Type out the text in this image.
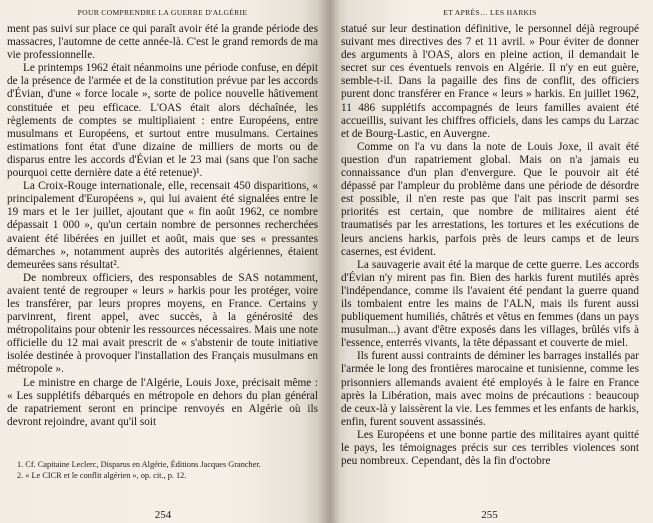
POUR COMPRENDRE LA GUERRE D'ALGÉRIE

ment pas suivi sur place ce qui paraît avoir été la grande période des massacres, l'automne de cette année-là. C'est le grand remords de ma vie professionnelle.

Le printemps 1962 était néanmoins une période confuse, en dépit de la présence de l'armée et de la constitution prévue par les accords d'Évian, d'une « force locale », sorte de police nouvelle hâtivement constituée et peu efficace. L'OAS était alors déchaînée, les règlements de comptes se multipliaient : entre Européens, entre musulmans et Européens, et surtout entre musulmans. Certaines estimations font état d'une dizaine de milliers de morts ou de disparus entre les accords d'Évian et le 23 mai (sans que l'on sache pourquoi cette dernière date a été retenue)¹.

La Croix-Rouge internationale, elle, recensait 450 disparitions, « principalement d'Européens », qui lui avaient été signalées entre le 19 mars et le 1er juillet, ajoutant que « fin août 1962, ce nombre dépassait 1 000 », qu'un certain nombre de personnes recherchées avaient été libérées en juillet et août, mais que ses « pressantes démarches », notamment auprès des autorités algériennes, étaient demeurées sans résultat².

De nombreux officiers, des responsables de SAS notamment, avaient tenté de regrouper « leurs » harkis pour les protéger, voire les transférer, par leurs propres moyens, en France. Certains y parvinrent, firent appel, avec succès, à la générosité des métropolitains pour obtenir les ressources nécessaires. Mais une note officielle du 12 mai avait prescrit de « s'abstenir de toute initiative isolée destinée à provoquer l'installation des Français musulmans en métropole ».

Le ministre en charge de l'Algérie, Louis Joxe, précisait même : « Les supplétifs débarqués en métropole en dehors du plan général de rapatriement seront en principe renvoyés en Algérie où ils devront rejoindre, avant qu'il soit

1. Cf. Capitaine Leclerc, Disparus en Algérie, Éditions Jacques Grancher.

2. « Le CICR et le conflit algérien », op. cit., p. 12.

254
ET APRÈS… LES HARKIS

statué sur leur destination définitive, le personnel déjà regroupé suivant mes directives des 7 et 11 avril. » Pour éviter de donner des arguments à l'OAS, alors en pleine action, il demandait le secret sur ces éventuels renvois en Algérie. Il n'y en eut guère, semble-t-il. Dans la pagaille des fins de conflit, des officiers purent donc transférer en France « leurs » harkis. En juillet 1962, 11 486 supplétifs accompagnés de leurs familles avaient été accueillis, suivant les chiffres officiels, dans les camps du Larzac et de Bourg-Lastic, en Auvergne.

Comme on l'a vu dans la note de Louis Joxe, il avait été question d'un rapatriement global. Mais on n'a jamais eu connaissance d'un plan d'envergure. Que le pouvoir ait été dépassé par l'ampleur du problème dans une période de désordre est possible, il n'en reste pas que l'ait pas inscrit parmi ses priorités est certain, que nombre de militaires aient été traumatisés par les arrestations, les tortures et les exécutions de leurs anciens harkis, parfois près de leurs camps et de leurs casernes, est évident.

La sauvagerie avait été la marque de cette guerre. Les accords d'Évian n'y mirent pas fin. Bien des harkis furent mutilés après l'indépendance, comme ils l'avaient été pendant la guerre quand ils tombaient entre les mains de l'ALN, mais ils furent aussi publiquement humiliés, châtrés et vêtus en femmes (dans un pays musulman...) avant d'être exposés dans les villages, brûlés vifs à l'essence, enterrés vivants, la tête dépassant et couverte de miel.

Ils furent aussi contraints de déminer les barrages installés par l'armée le long des frontières marocaine et tunisienne, comme les prisonniers allemands avaient été employés à le faire en France après la Libération, mais avec moins de précautions : beaucoup de ceux-là y laissèrent la vie. Les femmes et les enfants de harkis, enfin, furent souvent assassinés.

Les Européens et une bonne partie des militaires ayant quitté le pays, les témoignages précis sur ces terribles violences sont peu nombreux. Cependant, dès la fin d'octobre

255
